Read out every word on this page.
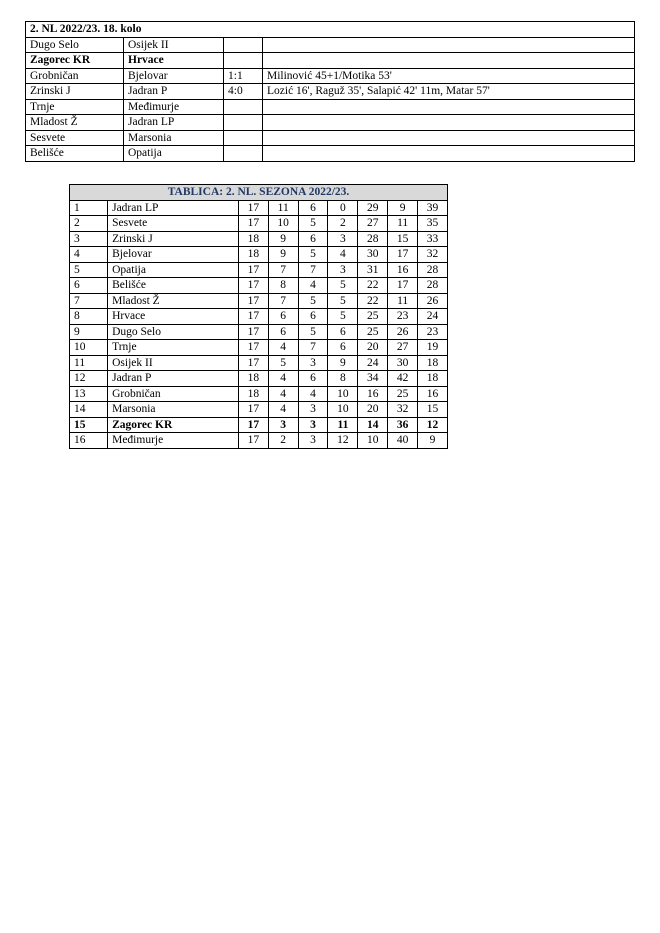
2. NL 2022/23. 18. kolo			
Dugo Selo	Osijek II		
Zagorec KR	Hrvace		
Grobničan	Bjelovar	1:1	Milinović 45+1/Motika 53'
Zrinski J	Jadran P	4:0	Lozić 16', Raguž 35', Salapić 42' 11m, Matar 57'
Trnje	Međimurje		
Mladost Ž	Jadran LP		
Sesvete	Marsonia		
Belišće	Opatija		
TABLICA: 2. NL. SEZONA 2022/23.								
1	Jadran LP	17	11	6	0	29	9	39
2	Sesvete	17	10	5	2	27	11	35
3	Zrinski J	18	9	6	3	28	15	33
4	Bjelovar	18	9	5	4	30	17	32
5	Opatija	17	7	7	3	31	16	28
6	Belišće	17	8	4	5	22	17	28
7	Mladost Ž	17	7	5	5	22	11	26
8	Hrvace	17	6	6	5	25	23	24
9	Dugo Selo	17	6	5	6	25	26	23
10	Trnje	17	4	7	6	20	27	19
11	Osijek II	17	5	3	9	24	30	18
12	Jadran P	18	4	6	8	34	42	18
13	Grobničan	18	4	4	10	16	25	16
14	Marsonia	17	4	3	10	20	32	15
15	Zagorec KR	17	3	3	11	14	36	12
16	Međimurje	17	2	3	12	10	40	9
